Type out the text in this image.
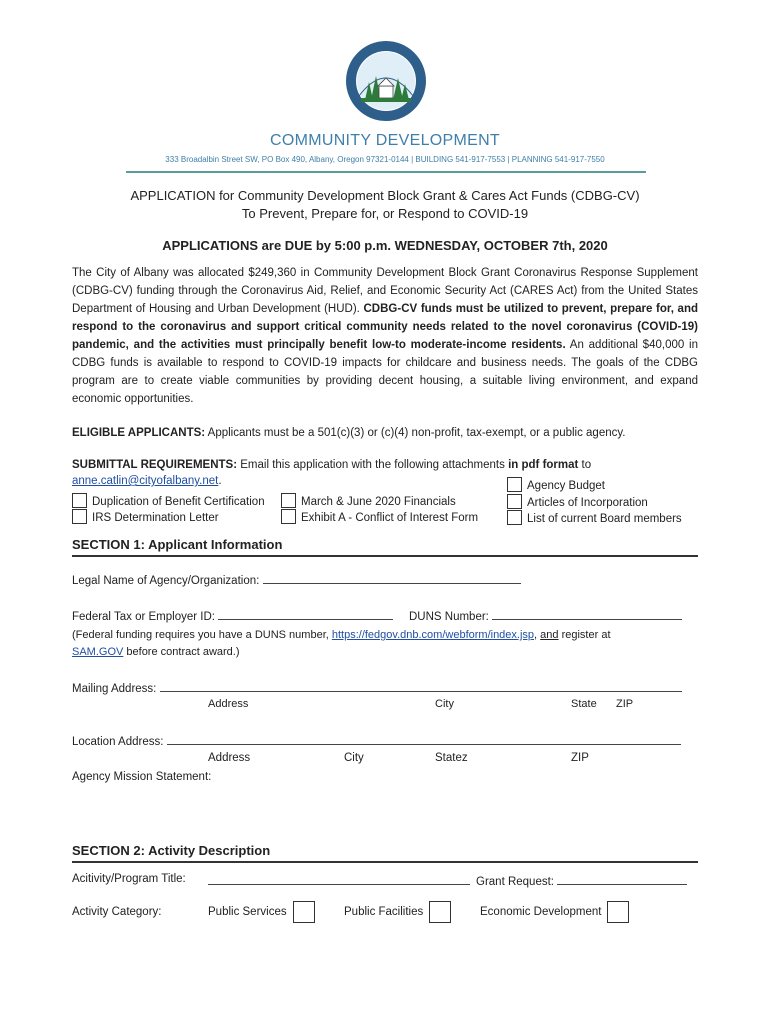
COMMUNITY DEVELOPMENT
333 Broadalbin Street SW, PO Box 490, Albany, Oregon 97321-0144 | BUILDING 541-917-7553 | PLANNING 541-917-7550
APPLICATION for Community Development Block Grant & Cares Act Funds (CDBG-CV)
To Prevent, Prepare for, or Respond to COVID-19
APPLICATIONS are DUE by 5:00 p.m. WEDNESDAY, OCTOBER 7th, 2020
The City of Albany was allocated $249,360 in Community Development Block Grant Coronavirus Response Supplement (CDBG-CV) funding through the Coronavirus Aid, Relief, and Economic Security Act (CARES Act) from the United States Department of Housing and Urban Development (HUD). CDBG-CV funds must be utilized to prevent, prepare for, and respond to the coronavirus and support critical community needs related to the novel coronavirus (COVID-19) pandemic, and the activities must principally benefit low-to moderate-income residents. An additional $40,000 in CDBG funds is available to respond to COVID-19 impacts for childcare and business needs. The goals of the CDBG program are to create viable communities by providing decent housing, a suitable living environment, and expand economic opportunities.
ELIGIBLE APPLICANTS: Applicants must be a 501(c)(3) or (c)(4) non-profit, tax-exempt, or a public agency.
SUBMITTAL REQUIREMENTS: Email this application with the following attachments in pdf format to
anne.catlin@cityofalbany.net.
Duplication of Benefit Certification
IRS Determination Letter
March & June 2020 Financials
Exhibit A - Conflict of Interest Form
Agency Budget
Articles of Incorporation
List of current Board members
SECTION 1: Applicant Information
Legal Name of Agency/Organization:
Federal Tax or Employer ID:	DUNS Number:
(Federal funding requires you have a DUNS number, https://fedgov.dnb.com/webform/index.jsp, and register at
SAM.GOV before contract award.)
Mailing Address:
Address	City	State ZIP
Location Address:
Address	City	Statez	ZIP
Agency Mission Statement:
SECTION 2: Activity Description
Acitivity/Program Title:	Grant Request:
Activity Category:	Public Services	Public Facilities	Economic Development
